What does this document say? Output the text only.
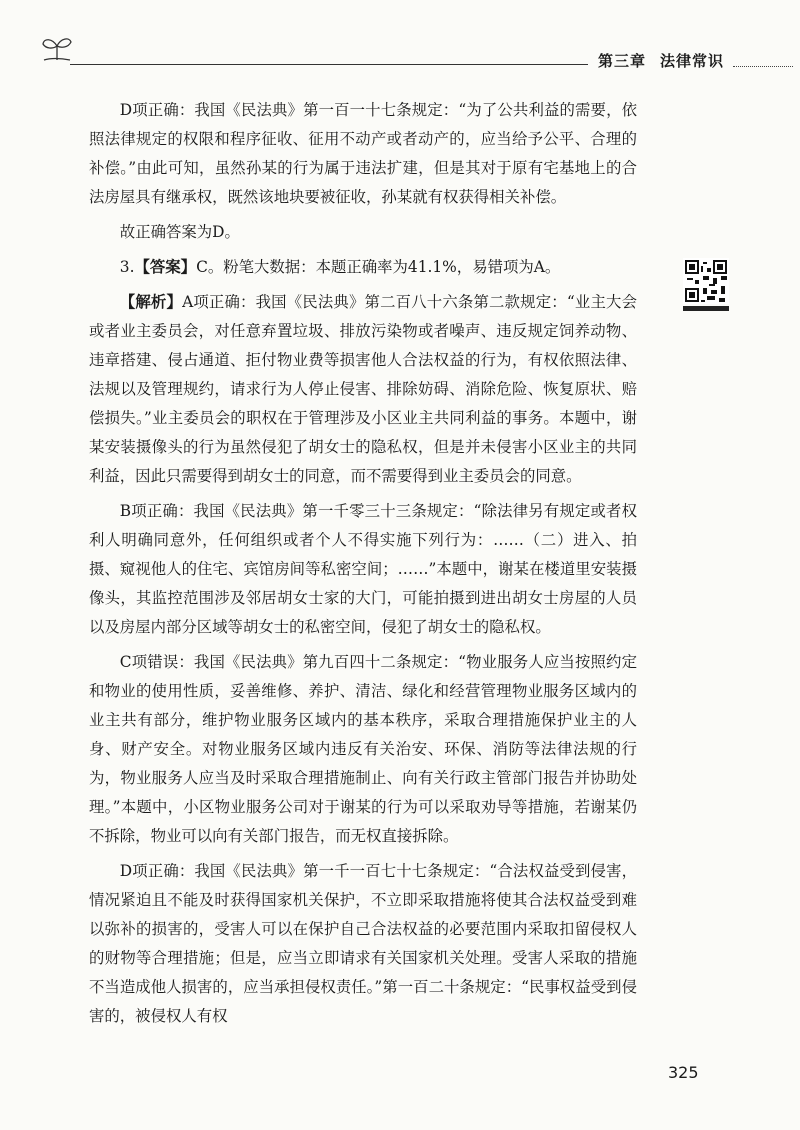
第三章 法律常识

D项正确：我国《民法典》第一百一十七条规定：“为了公共利益的需要，依照法律规定的权限和程序征收、征用不动产或者动产的，应当给予公平、合理的补偿。”由此可知，虽然孙某的行为属于违法扩建，但是其对于原有宅基地上的合法房屋具有继承权，既然该地块要被征收，孙某就有权获得相关补偿。

故正确答案为D。

3.【答案】C。粉笔大数据：本题正确率为41.1%，易错项为A。

【解析】A项正确：我国《民法典》第二百八十六条第二款规定：“业主大会或者业主委员会，对任意弃置垃圾、排放污染物或者噪声、违反规定饲养动物、违章搭建、侵占通道、拒付物业费等损害他人合法权益的行为，有权依照法律、法规以及管理规约，请求行为人停止侵害、排除妨碍、消除危险、恢复原状、赔偿损失。”业主委员会的职权在于管理涉及小区业主共同利益的事务。本题中，谢某安装摄像头的行为虽然侵犯了胡女士的隐私权，但是并未侵害小区业主的共同利益，因此只需要得到胡女士的同意，而不需要得到业主委员会的同意。

B项正确：我国《民法典》第一千零三十三条规定：“除法律另有规定或者权利人明确同意外，任何组织或者个人不得实施下列行为：……（二）进入、拍摄、窥视他人的住宅、宾馆房间等私密空间；……”本题中，谢某在楼道里安装摄像头，其监控范围涉及邻居胡女士家的大门，可能拍摄到进出胡女士房屋的人员以及房屋内部分区域等胡女士的私密空间，侵犯了胡女士的隐私权。

C项错误：我国《民法典》第九百四十二条规定：“物业服务人应当按照约定和物业的使用性质，妥善维修、养护、清洁、绿化和经营管理物业服务区域内的业主共有部分，维护物业服务区域内的基本秩序，采取合理措施保护业主的人身、财产安全。对物业服务区域内违反有关治安、环保、消防等法律法规的行为，物业服务人应当及时采取合理措施制止、向有关行政主管部门报告并协助处理。”本题中，小区物业服务公司对于谢某的行为可以采取劝导等措施，若谢某仍不拆除，物业可以向有关部门报告，而无权直接拆除。

D项正确：我国《民法典》第一千一百七十七条规定：“合法权益受到侵害，情况紧迫且不能及时获得国家机关保护，不立即采取措施将使其合法权益受到难以弥补的损害的，受害人可以在保护自己合法权益的必要范围内采取扣留侵权人的财物等合理措施；但是，应当立即请求有关国家机关处理。受害人采取的措施不当造成他人损害的，应当承担侵权责任。”第一百二十条规定：“民事权益受到侵害的，被侵权人有权

325
